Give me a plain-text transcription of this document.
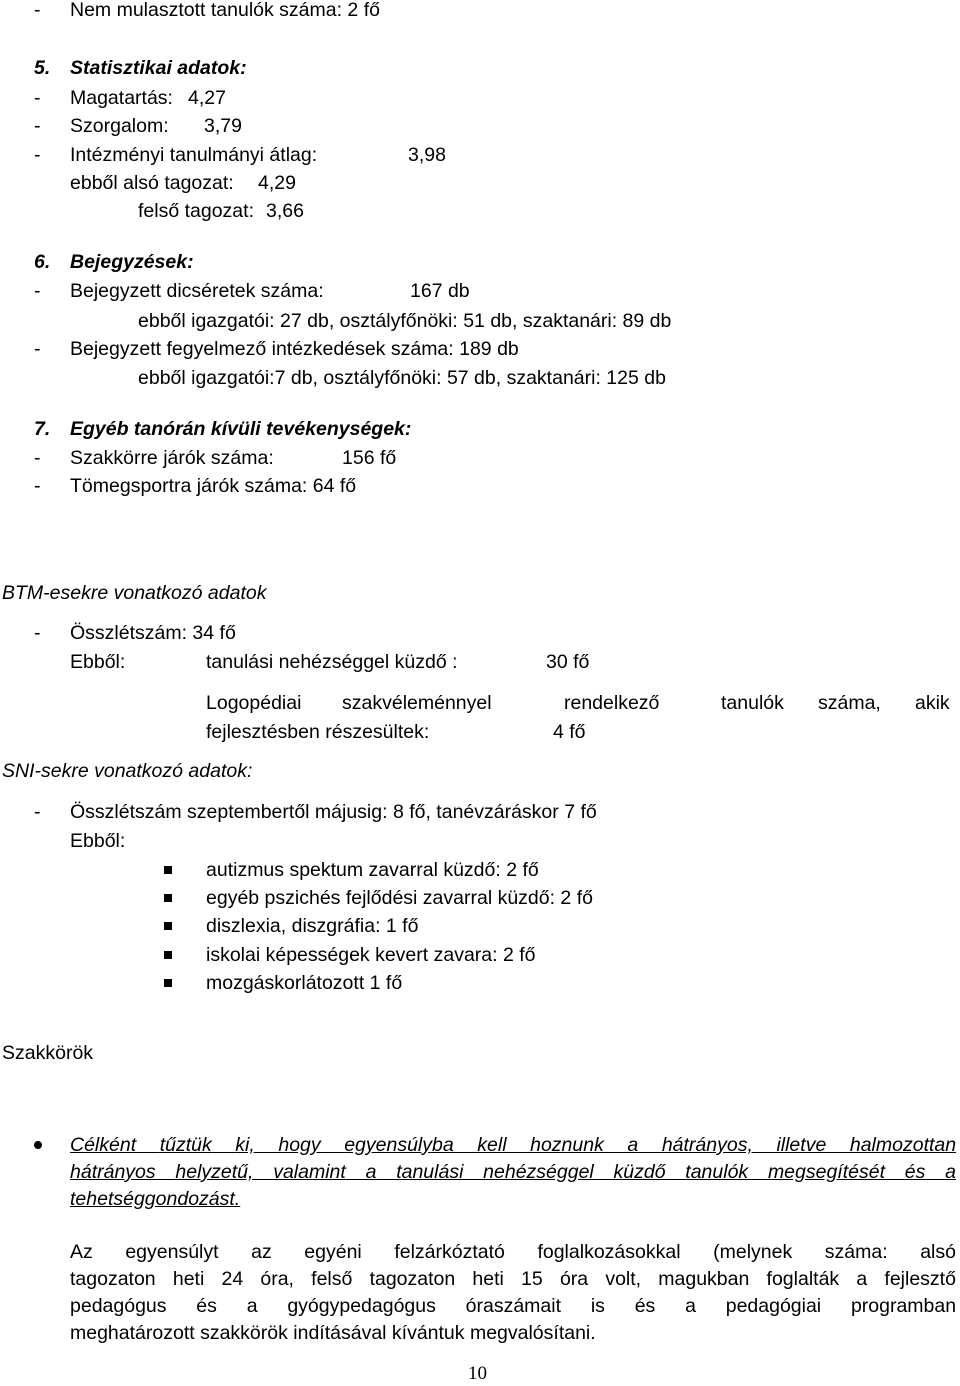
- Nem mulasztott tanulók száma: 2 fő
5. Statisztikai adatok:
- Magatartás: 4,27
- Szorgalom: 3,79
- Intézményi tanulmányi átlag:	3,98
ebből alsó tagozat: 4,29
felső tagozat: 3,66
6. Bejegyzések:
- Bejegyzett dicséretek száma:	167 db
ebből igazgatói: 27 db, osztályfőnöki: 51 db, szaktanári: 89 db
- Bejegyzett fegyelmező intézkedések száma: 189 db
ebből igazgatói:7 db, osztályfőnöki: 57 db, szaktanári: 125 db
7. Egyéb tanórán kívüli tevékenységek:
- Szakkörre járók száma:	156 fő
- Tömegsportra járók száma: 64 fő
BTM-esekre vonatkozó adatok
- Összlétszám: 34 fő
Ebből:	tanulási nehézséggel küzdő :	30 fő
Logopédiai szakvéleménnyel	rendelkező	tanulók száma, akik
fejlesztésben részesültek:	4 fő
SNI-sekre vonatkozó adatok:
- Összlétszám szeptembertől májusig: 8 fő, tanévzáráskor 7 fő
Ebből:
autizmus spektum zavarral küzdő: 2 fő
egyéb pszichés fejlődési zavarral küzdő: 2 fő
diszlexia, diszgráfia: 1 fő
iskolai képességek kevert zavara: 2 fő
mozgáskorlátozott 1 fő
Szakkörök
Célként tűztük ki, hogy egyensúlyba kell hoznunk a hátrányos, illetve halmozottan
hátrányos helyzetű, valamint a tanulási nehézséggel küzdő tanulók megsegítését és a
tehetséggondozást.
Az egyensúlyt az egyéni felzárkóztató foglalkozásokkal (melynek száma: alsó
tagozaton heti 24 óra, felső tagozaton heti 15 óra volt, magukban foglalták a fejlesztő
pedagógus és a gyógypedagógus óraszámait is és a pedagógiai programban
meghatározott szakkörök indításával kívántuk megvalósítani.
10
